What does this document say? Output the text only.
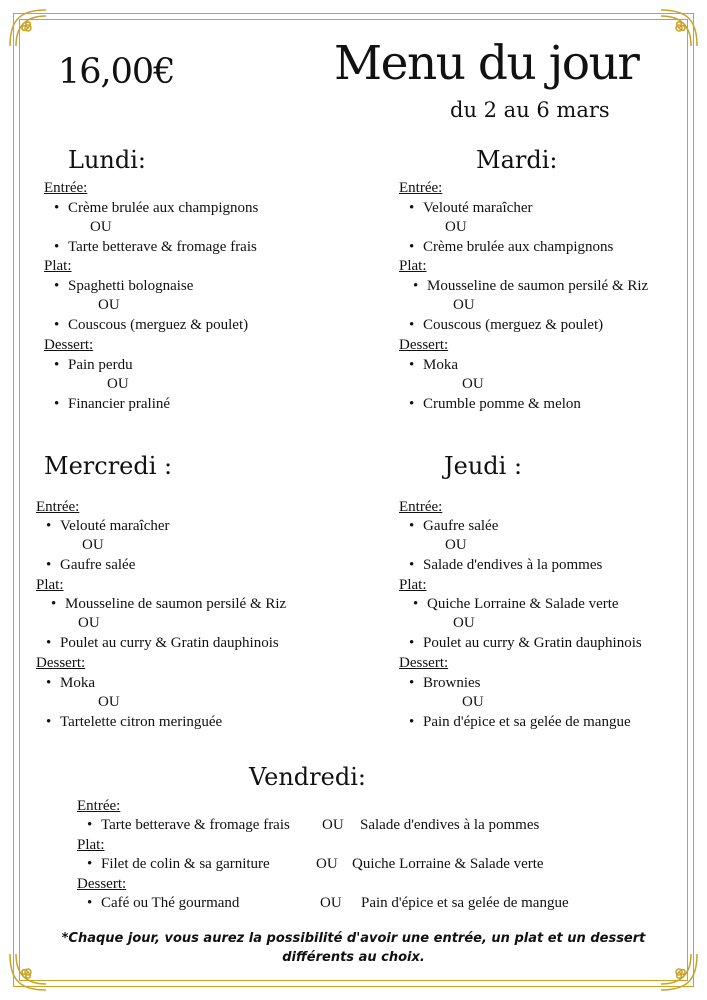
16,00€	Menu du jour
du 2 au 6 mars
Lundi:
Entrée:
• Crème brulée aux champignons
OU
• Tarte betterave & fromage frais
Plat:
• Spaghetti bolognaise
OU
• Couscous (merguez & poulet)
Dessert:
• Pain perdu
OU
• Financier praliné
Mardi:
Entrée:
• Velouté maraîcher
OU
• Crème brulée aux champignons
Plat:
• Mousseline de saumon persilé & Riz
OU
• Couscous (merguez & poulet)
Dessert:
• Moka
OU
• Crumble pomme & melon
Mercredi :
Entrée:
• Velouté maraîcher
OU
• Gaufre salée
Plat:
• Mousseline de saumon persilé & Riz
OU
• Poulet au curry & Gratin dauphinois
Dessert:
• Moka
OU
• Tartelette citron meringuée
Jeudi :
Entrée:
• Gaufre salée
OU
• Salade d'endives à la pommes
Plat:
• Quiche Lorraine & Salade verte
OU
• Poulet au curry & Gratin dauphinois
Dessert:
• Brownies
OU
• Pain d'épice et sa gelée de mangue
Vendredi:
Entrée:
• Tarte betterave & fromage frais OU Salade d'endives à la pommes
Plat:
• Filet de colin & sa garniture	OU Quiche Lorraine & Salade verte
Dessert:
• Café ou Thé gourmand	OU Pain d'épice et sa gelée de mangue
*Chaque jour, vous aurez la possibilité d'avoir une entrée, un plat et un dessert différents au choix.
